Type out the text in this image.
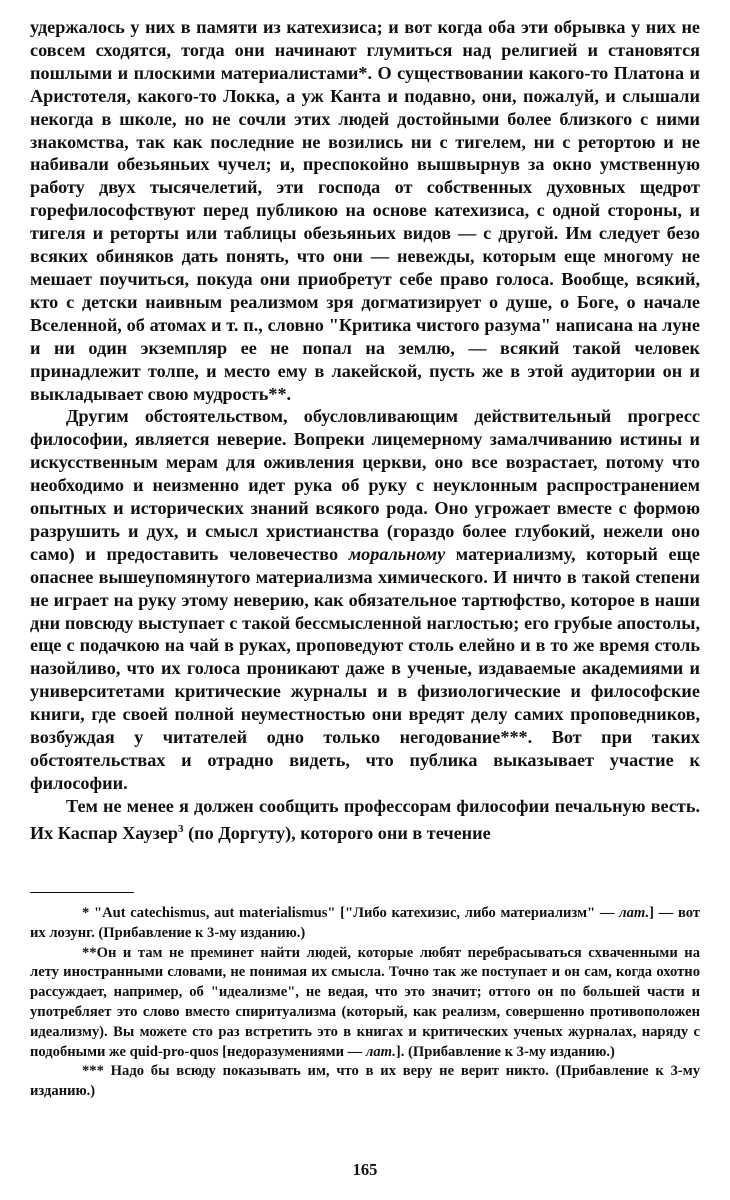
удержалось у них в памяти из катехизиса; и вот когда оба эти обрывка у них не совсем сходятся, тогда они начинают глумиться над религией и становятся пошлыми и плоскими материалистами*. О существовании какого-то Платона и Аристотеля, какого-то Локка, а уж Канта и подавно, они, пожалуй, и слышали некогда в школе, но не сочли этих людей достойными более близкого с ними знакомства, так как последние не возились ни с тигелем, ни с ретортою и не набивали обезьяньих чучел; и, преспокойно вышвырнув за окно умственную работу двух тысячелетий, эти господа от собственных духовных щедрот горефилософствуют перед публикою на основе катехизиса, с одной стороны, и тигеля и реторты или таблицы обезьяньих видов — с другой. Им следует безо всяких обиняков дать понять, что они — невежды, которым еще многому не мешает поучиться, покуда они приобретут себе право голоса. Вообще, всякий, кто с детски наивным реализмом зря догматизирует о душе, о Боге, о начале Вселенной, об атомах и т. п., словно "Критика чистого разума" написана на луне и ни один экземпляр ее не попал на землю, — всякий такой человек принадлежит толпе, и место ему в лакейской, пусть же в этой аудитории он и выкладывает свою мудрость**.

Другим обстоятельством, обусловливающим действительный прогресс философии, является неверие. Вопреки лицемерному замалчиванию истины и искусственным мерам для оживления церкви, оно все возрастает, потому что необходимо и неизменно идет рука об руку с неуклонным распространением опытных и исторических знаний всякого рода. Оно угрожает вместе с формою разрушить и дух, и смысл христианства (гораздо более глубокий, нежели оно само) и предоставить человечество моральному материализму, который еще опаснее вышеупомянутого материализма химического. И ничто в такой степени не играет на руку этому неверию, как обязательное тартюфство, которое в наши дни повсюду выступает с такой бессмысленной наглостью; его грубые апостолы, еще с подачкою на чай в руках, проповедуют столь елейно и в то же время столь назойливо, что их голоса проникают даже в ученые, издаваемые академиями и университетами критические журналы и в физиологические и философские книги, где своей полной неуместностью они вредят делу самих проповедников, возбуждая у читателей одно только негодование***. Вот при таких обстоятельствах и отрадно видеть, что публика выказывает участие к философии.

Тем не менее я должен сообщить профессорам философии печальную весть. Их Каспар Хаузер$^3$ (по Доргуту), которого они в течение

* "Aut catechismus, aut materialismus" ["Либо катехизис, либо материализм" — лат.] — вот их лозунг. (Прибавление к 3-му изданию.)

**Он и там не преминет найти людей, которые любят перебрасываться схваченными на лету иностранными словами, не понимая их смысла. Точно так же поступает и он сам, когда охотно рассуждает, например, об "идеализме", не ведая, что это значит; оттого он по большей части и употребляет это слово вместо спиритуализма (который, как реализм, совершенно противоположен идеализму). Вы можете сто раз встретить это в книгах и критических ученых журналах, наряду с подобными же quid-pro-quos [недоразумениями — лат.]. (Прибавление к 3-му изданию.)

*** Надо бы всюду показывать им, что в их веру не верит никто. (Прибавление к 3-му изданию.)

165
